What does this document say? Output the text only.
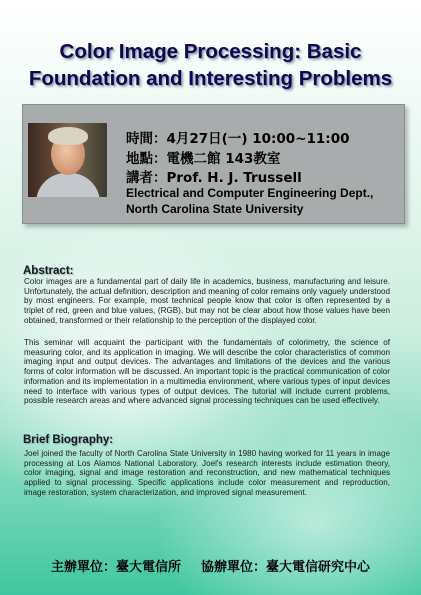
Color Image Processing: Basic
Foundation and Interesting Problems
時間：4月27日(一) 10:00~11:00
地點：電機二館 143教室
講者：Prof. H. J. Trussell
Electrical and Computer Engineering Dept.,
North Carolina State University
Abstract:

Color images are a fundamental part of daily life in academics, business, manufacturing and leisure. Unfortunately, the actual definition, description and meaning of color remains only vaguely understood by most engineers. For example, most technical people know that color is often represented by a triplet of red, green and blue values, (RGB), but may not be clear about how those values have been obtained, transformed or their relationship to the perception of the displayed color.

This seminar will acquaint the participant with the fundamentals of colorimetry, the science of measuring color, and its application in imaging. We will describe the color characteristics of common imaging input and output devices. The advantages and limitations of the devices and the various forms of color information will be discussed. An important topic is the practical communication of color information and its implementation in a multimedia environment, where various types of input devices need to interface with various types of output devices. The tutorial will include current problems, possible research areas and where advanced signal processing techniques can be used effectively.

Brief Biography:

Joel joined the faculty of North Carolina State University in 1980 having worked for 11 years in image processing at Los Alamos National Laboratory. Joel's research interests include estimation theory, color imaging, signal and image restoration and reconstruction, and new mathematical techniques applied to signal processing. Specific applications include color measurement and reproduction, image restoration, system characterization, and improved signal measurement.

主辦單位：臺大電信所 協辦單位：臺大電信研究中心
